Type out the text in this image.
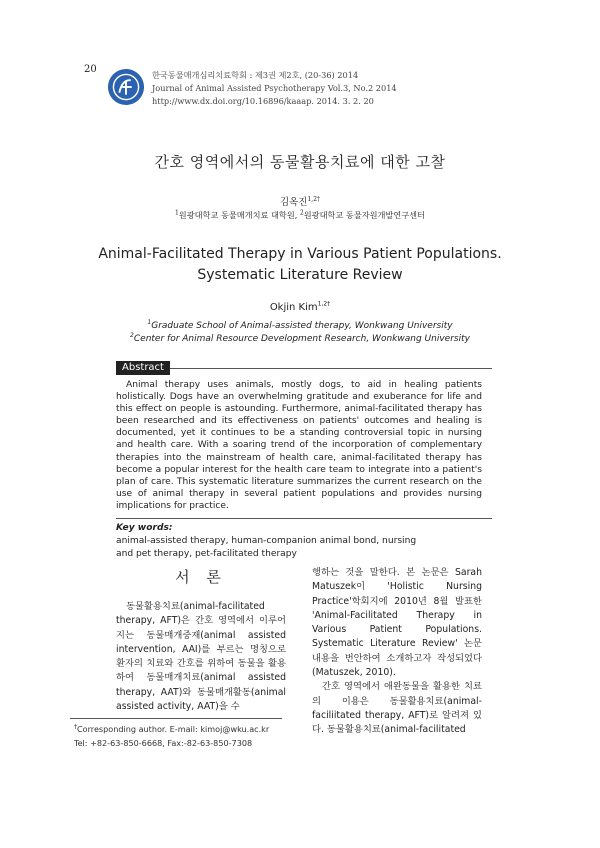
20	한국동물매개심리치료학회 : 제3권 제2호, (20-36) 2014
Journal of Animal Assisted Psychotherapy Vol.3, No.2 2014
http://www.dx.doi.org/10.16896/kaaap. 2014. 3. 2. 20
간호 영역에서의 동물활용치료에 대한 고찰
김옥진$^{1,2\dagger}$
$^1$원광대학교 동물매개치료 대학원, $^2$원광대학교 동물자원개발연구센터
Animal-Facilitated Therapy in Various Patient Populations.
Systematic Literature Review
Okjin Kim$^{1,2\dagger}$
$^1$Graduate School of Animal-assisted therapy, Wonkwang University
$^2$Center for Animal Resource Development Research, Wonkwang University
Abstract
Animal therapy uses animals, mostly dogs, to aid in healing patients holistically. Dogs have an overwhelming gratitude and exuberance for life and this effect on people is astounding. Furthermore, animal-facilitated therapy has been researched and its effectiveness on patients' outcomes and healing is documented, yet it continues to be a standing controversial topic in nursing and health care. With a soaring trend of the incorporation of complementary therapies into the mainstream of health care, animal-facilitated therapy has become a popular interest for the health care team to integrate into a patient's plan of care. This systematic literature summarizes the current research on the use of animal therapy in several patient populations and provides nursing implications for practice.
Key words: animal-assisted therapy, human-companion animal bond, nursing and pet therapy, pet-facilitated therapy
서 론
동물활용치료(animal-facilitated therapy, AFT)은 간호 영역에서 이루어지는 동물매개중재(animal assisted intervention, AAI)를 부르는 명칭으로 환자의 치료와 간호를 위하여 동물을 활용하여 동물매개치료(animal assisted therapy, AAT)와 동물매개활동(animal assisted activity, AAT)을 수

행하는 것을 말한다. 본 논문은 Sarah Matuszek이 'Holistic Nursing Practice'학회지에 2010년 8월 발표한 'Animal-Facilitated Therapy in Various Patient Populations. Systematic Literature Review' 논문 내용을 번안하여 소개하고자 작성되었다(Matuszek, 2010).

간호 영역에서 애완동물을 활용한 치료의 이용은 동물활용치료(animal-faciliitated therapy, AFT)로 알려져 있다. 동물활용치료(animal-facilitated

†Corresponding author. E-mail: kimoj@wku.ac.kr
Tel: +82-63-850-6668, Fax:-82-63-850-7308
